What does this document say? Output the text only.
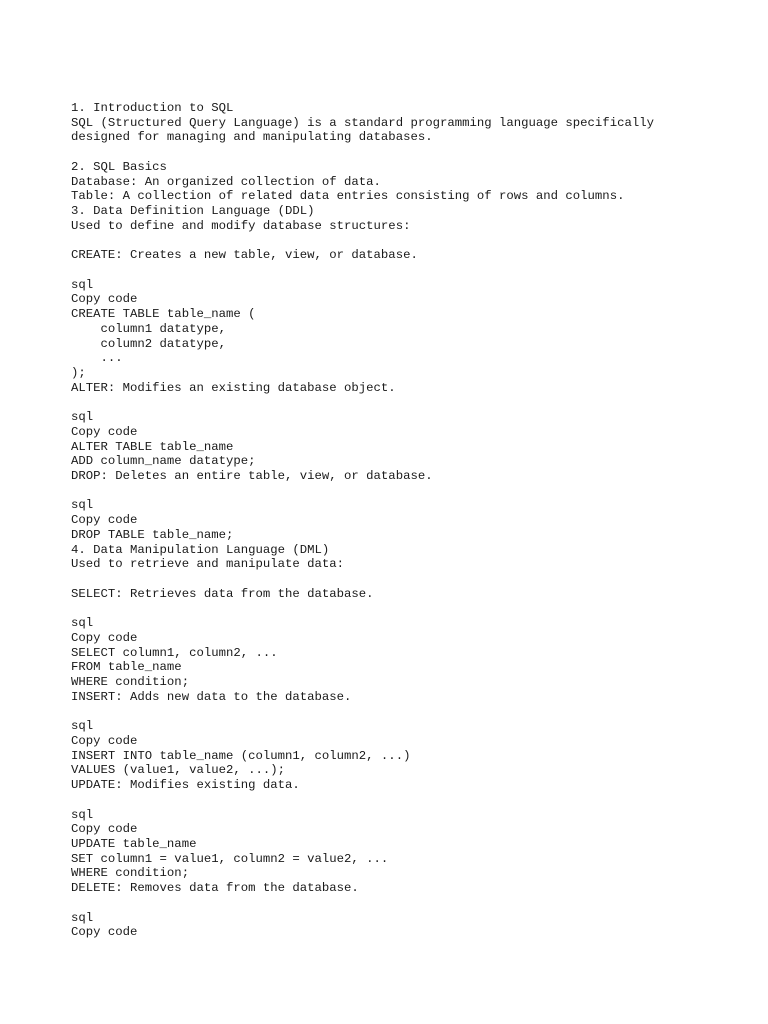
1. Introduction to SQL
SQL (Structured Query Language) is a standard programming language specifically
designed for managing and manipulating databases.
2. SQL Basics
Database: An organized collection of data.
Table: A collection of related data entries consisting of rows and columns.
3. Data Definition Language (DDL)
Used to define and modify database structures:
CREATE: Creates a new table, view, or database.
sql
Copy code
CREATE TABLE table_name (
column1 datatype,
column2 datatype,
...
);
ALTER: Modifies an existing database object.
sql
Copy code
ALTER TABLE table_name
ADD column_name datatype;
DROP: Deletes an entire table, view, or database.
sql
Copy code
DROP TABLE table_name;
4. Data Manipulation Language (DML)
Used to retrieve and manipulate data:
SELECT: Retrieves data from the database.
sql
Copy code
SELECT column1, column2, ...
FROM table_name
WHERE condition;
INSERT: Adds new data to the database.
sql
Copy code
INSERT INTO table_name (column1, column2, ...)
VALUES (value1, value2, ...);
UPDATE: Modifies existing data.
sql
Copy code
UPDATE table_name
SET column1 = value1, column2 = value2, ...
WHERE condition;
DELETE: Removes data from the database.
sql
Copy code
